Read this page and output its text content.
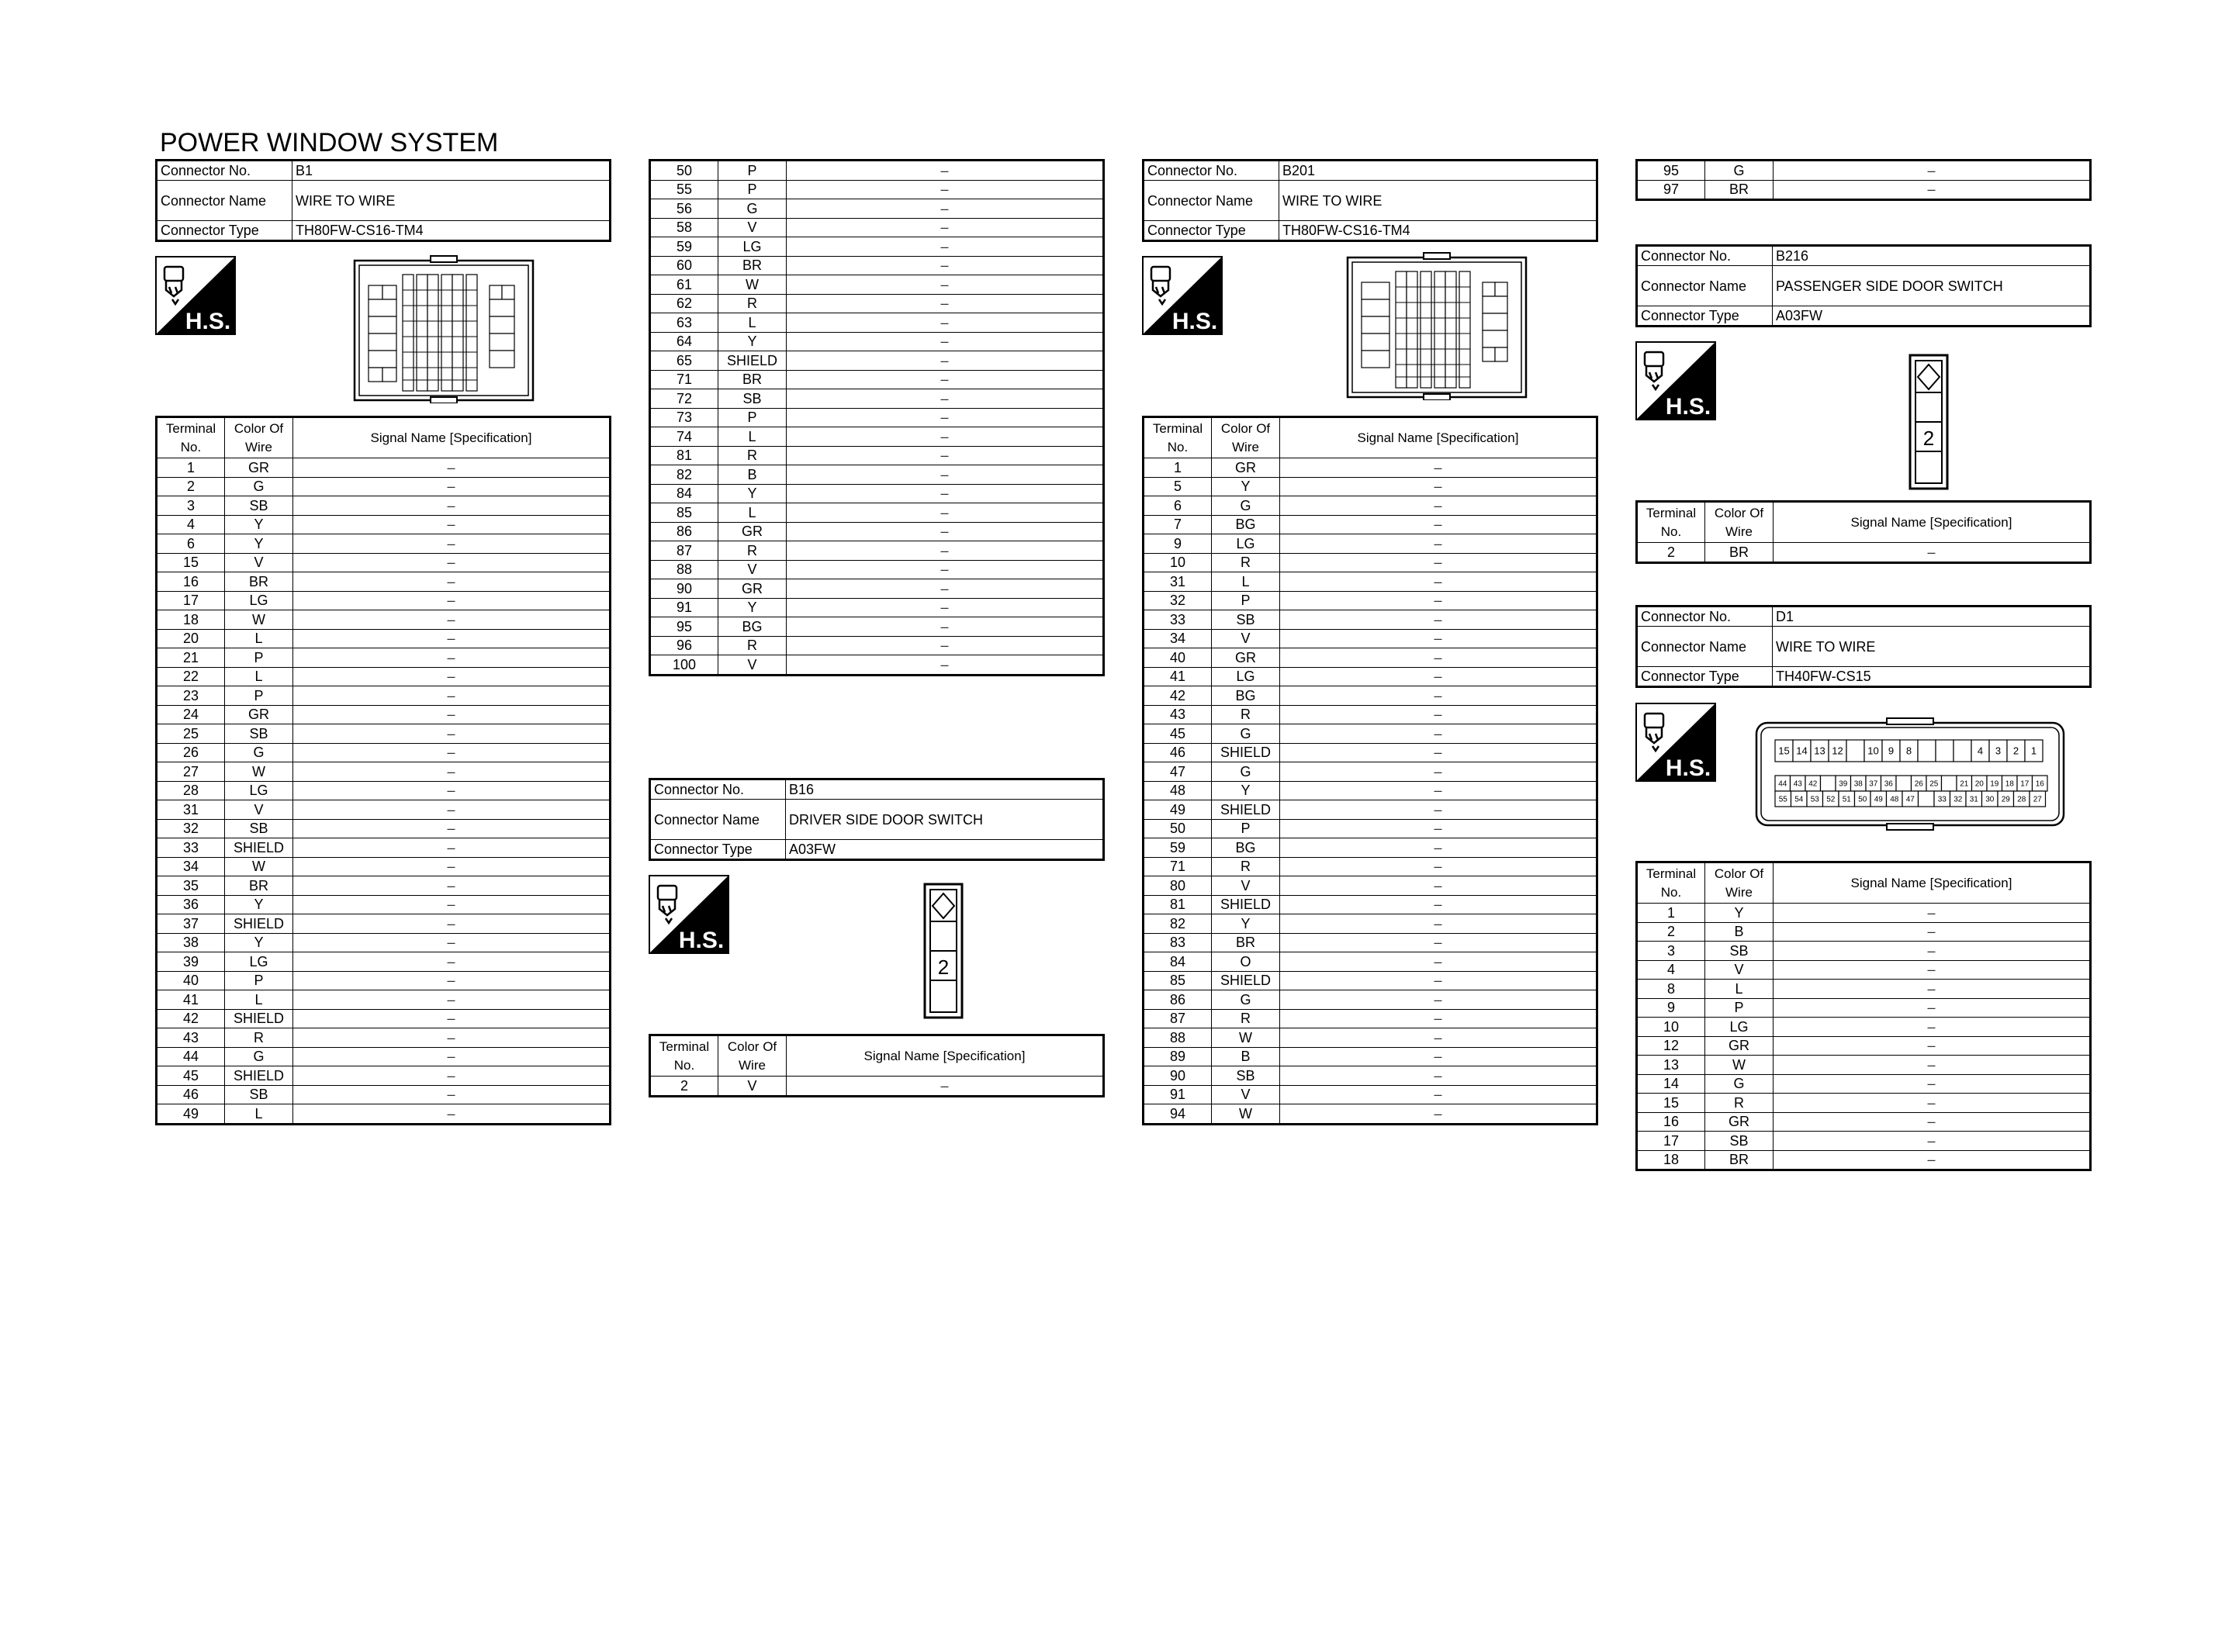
POWER WINDOW SYSTEM
Connector No.	B1
Connector Name	WIRE TO WIRE
Connector Type	TH80FW-CS16-TM4
H.S.
Terminal
No.	Color Of
Wire	Signal Name [Specification]
1	GR	–
2	G	–
3	SB	–
4	Y	–
6	Y	–
15	V	–
16	BR	–
17	LG	–
18	W	–
20	L	–
21	P	–
22	L	–
23	P	–
24	GR	–
25	SB	–
26	G	–
27	W	–
28	LG	–
31	V	–
32	SB	–
33	SHIELD	–
34	W	–
35	BR	–
36	Y	–
37	SHIELD	–
38	Y	–
39	LG	–
40	P	–
41	L	–
42	SHIELD	–
43	R	–
44	G	–
45	SHIELD	–
46	SB	–
49	L	–
50	P	–
55	P	–
56	G	–
58	V	–
59	LG	–
60	BR	–
61	W	–
62	R	–
63	L	–
64	Y	–
65	SHIELD	–
71	BR	–
72	SB	–
73	P	–
74	L	–
81	R	–
82	B	–
84	Y	–
85	L	–
86	GR	–
87	R	–
88	V	–
90	GR	–
91	Y	–
95	BG	–
96	R	–
100	V	–
Connector No.	B16
Connector Name	DRIVER SIDE DOOR SWITCH
Connector Type	A03FW
H.S.
2
Terminal
No.	Color Of
Wire	Signal Name [Specification]
2	V	–
Connector No.	B201
Connector Name	WIRE TO WIRE
Connector Type	TH80FW-CS16-TM4
H.S.
Terminal
No.	Color Of
Wire	Signal Name [Specification]
1	GR	–
5	Y	–
6	G	–
7	BG	–
9	LG	–
10	R	–
31	L	–
32	P	–
33	SB	–
34	V	–
40	GR	–
41	LG	–
42	BG	–
43	R	–
45	G	–
46	SHIELD	–
47	G	–
48	Y	–
49	SHIELD	–
50	P	–
59	BG	–
71	R	–
80	V	–
81	SHIELD	–
82	Y	–
83	BR	–
84	O	–
85	SHIELD	–
86	G	–
87	R	–
88	W	–
89	B	–
90	SB	–
91	V	–
94	W	–
95	G	–
97	BR	–
Connector No.	B216
Connector Name	PASSENGER SIDE DOOR SWITCH
Connector Type	A03FW
H.S.
2
Terminal
No.	Color Of
Wire	Signal Name [Specification]
2	BR	–
Connector No.	D1
Connector Name	WIRE TO WIRE
Connector Type	TH40FW-CS15
H.S.
15 14 13 12 10 9 8	4 3 2 1
44 43 42	39 38 37 36	26 25	21 20 19 18 17 16
55 54 53 52 51 50 49 48 47	33 32 31 30 29 28 27
Terminal
No.	Color Of
Wire	Signal Name [Specification]
1	Y	–
2	B	–
3	SB	–
4	V	–
8	L	–
9	P	–
10	LG	–
12	GR	–
13	W	–
14	G	–
15	R	–
16	GR	–
17	SB	–
18	BR	–
